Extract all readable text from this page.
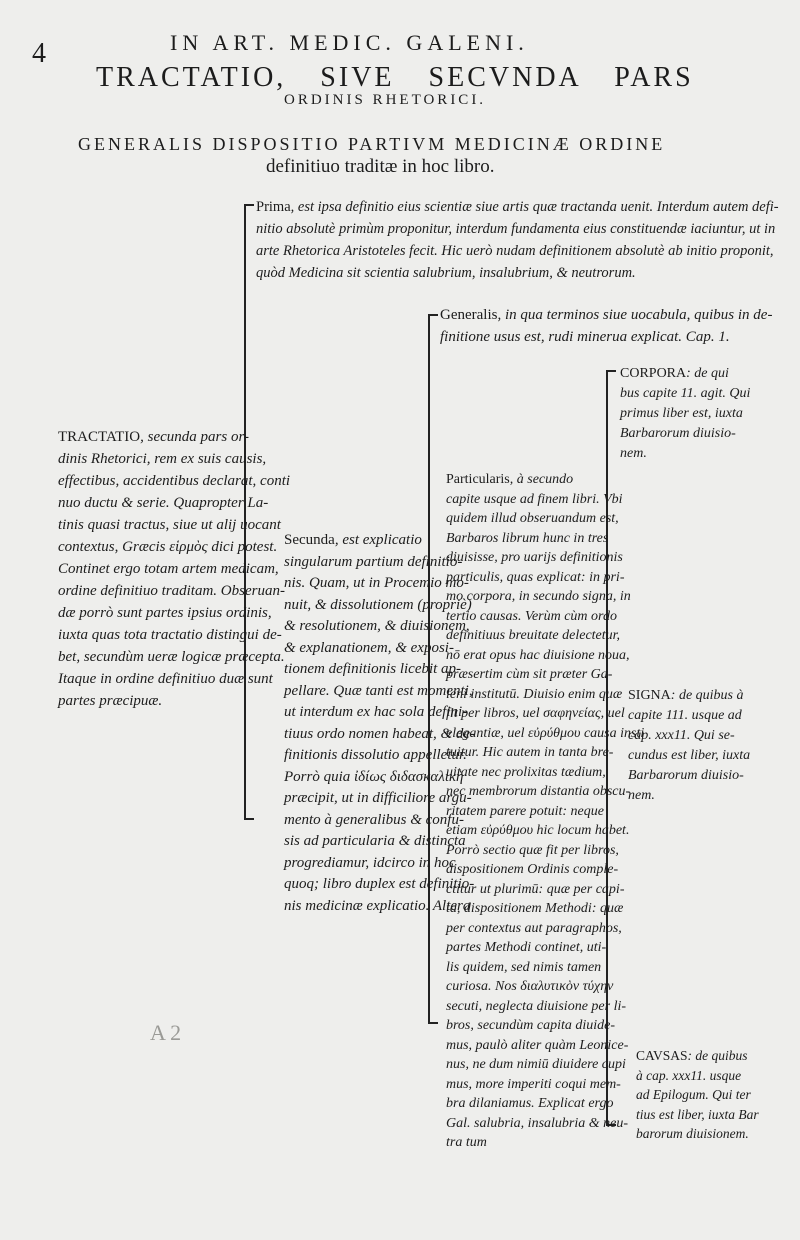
4	IN ART. MEDIC. GALENI.
TRACTATIO, SIVE SECVNDA PARS
ORDINIS RHETORICI.
GENERALIS DISPOSITIO PARTIVM MEDICINÆ ORDINE
definitiuo traditæ in hoc libro.
TRACTATIO, secunda pars or-
dinis Rhetorici, rem ex suis causis,
effectibus, accidentibus declarat, conti
nuo ductu & serie. Quapropter La-
tinis quasi tractus, siue ut alij uocant
contextus, Græcis εἱρμὸς dici potest.
Continet ergo totam artem medicam,
ordine definitiuo traditam. Obseruan-
dæ porrò sunt partes ipsius ordinis,
iuxta quas tota tractatio distingui de-
bet, secundùm ueræ logicæ præcepta.
Itaque in ordine definitiuo duæ sunt
partes præcipuæ.
Prima, est ipsa definitio eius scientiæ siue artis quæ tractanda uenit. Interdum autem defi-
nitio absolutè primùm proponitur, interdum fundamenta eius constituendæ iaciuntur, ut in
arte Rhetorica Aristoteles fecit. Hic uerò nudam definitionem absolutè ab initio proponit,
quòd Medicina sit scientia salubrium, insalubrium, & neutrorum.
Secunda, est explicatio
singularum partium definitio-
nis. Quam, ut in Procemio mo-
nuit, & dissolutionem (propriè)
& resolutionem, & diuisionem,
& explanationem, & exposi-
tionem definitionis licebit ap-
pellare. Quæ tanti est momenti,
ut interdum ex hac sola defini-
tiuus ordo nomen habeat, & de-
finitionis dissolutio appelletur.
Porrò quia ἰδίως διδασκαλικὴ
præcipit, ut in difficiliore argu-
mento à generalibus & confu-
sis ad particularia & distincta
progrediamur, idcirco in hoc
quoq; libro duplex est definitio-
nis medicinæ explicatio. Altera
Generalis, in qua terminos siue uocabula, quibus in de-
finitione usus est, rudi minerua explicat. Cap. 1.
Particularis, à secundo
capite usque ad finem libri. Vbi
quidem illud obseruandum est,
Barbaros librum hunc in tres
diuisisse, pro uarijs definitionis
particulis, quas explicat: in pri-
mo corpora, in secundo signa, in
tertio causas. Verùm cùm ordo
definitiuus breuitate delectetur,
nō erat opus hac diuisione noua,
præsertim cùm sit præter Ga-
leni institutū. Diuisio enim quæ
fit per libros, uel σαφηνείας, uel
elegantiæ, uel εὐρύθμου causa insti
tuitur. Hic autem in tanta bre-
uitate nec prolixitas tædium,
nec membrorum distantia obscu-
ritatem parere potuit: neque
etiam εὐρύθμου hic locum habet.
Porrò sectio quæ fit per libros,
dispositionem Ordinis comple-
ctitur ut plurimū: quæ per capi-
ta, dispositionem Methodi: quæ
per contextus aut paragraphos,
partes Methodi continet, uti-
lis quidem, sed nimis tamen
curiosa. Nos διαλυτικὸν τύχην
secuti, neglecta diuisione per li-
bros, secundùm capita diuide-
mus, paulò aliter quàm Leonice-
nus, ne dum nimiū diuidere cupi
mus, more imperiti coqui mem-
bra dilaniamus. Explicat ergo
Gal. salubria, insalubria & neu-
tra tum
CORPORA: de qui
bus capite 11. agit. Qui
primus liber est, iuxta
Barbarorum diuisio-
nem.
SIGNA: de quibus à
capite 111. usque ad
cap. xxx11. Qui se-
cundus est liber, iuxta
Barbarorum diuisio-
nem.
CAVSAS: de quibus
à cap. xxx11. usque
ad Epilogum. Qui ter
tius est liber, iuxta Bar
barorum diuisionem.
A 2
